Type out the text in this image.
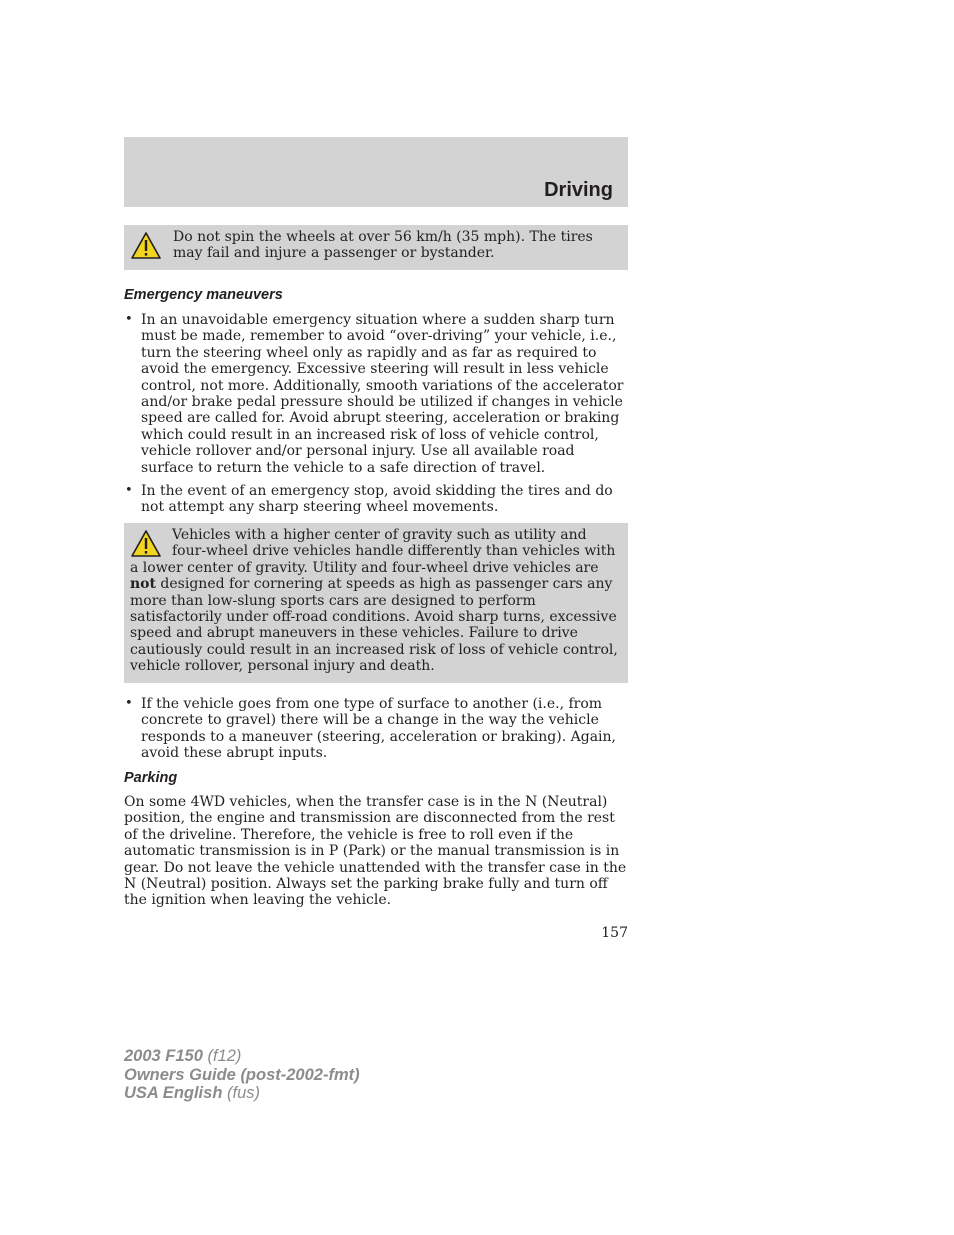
Driving

Do not spin the wheels at over 56 km/h (35 mph). The tires may fail and injure a passenger or bystander.

Emergency maneuvers
• In an unavoidable emergency situation where a sudden sharp turn must be made, remember to avoid “over-driving” your vehicle, i.e., turn the steering wheel only as rapidly and as far as required to avoid the emergency. Excessive steering will result in less vehicle control, not more. Additionally, smooth variations of the accelerator and/or brake pedal pressure should be utilized if changes in vehicle speed are called for. Avoid abrupt steering, acceleration or braking which could result in an increased risk of loss of vehicle control, vehicle rollover and/or personal injury. Use all available road surface to return the vehicle to a safe direction of travel.
• In the event of an emergency stop, avoid skidding the tires and do not attempt any sharp steering wheel movements.

Vehicles with a higher center of gravity such as utility and four-wheel drive vehicles handle differently than vehicles with a lower center of gravity. Utility and four-wheel drive vehicles are not designed for cornering at speeds as high as passenger cars any more than low-slung sports cars are designed to perform satisfactorily under off-road conditions. Avoid sharp turns, excessive speed and abrupt maneuvers in these vehicles. Failure to drive cautiously could result in an increased risk of loss of vehicle control, vehicle rollover, personal injury and death.

• If the vehicle goes from one type of surface to another (i.e., from concrete to gravel) there will be a change in the way the vehicle responds to a maneuver (steering, acceleration or braking). Again, avoid these abrupt inputs.
Parking

On some 4WD vehicles, when the transfer case is in the N (Neutral) position, the engine and transmission are disconnected from the rest of the driveline. Therefore, the vehicle is free to roll even if the automatic transmission is in P (Park) or the manual transmission is in gear. Do not leave the vehicle unattended with the transfer case in the N (Neutral) position. Always set the parking brake fully and turn off the ignition when leaving the vehicle.

157

2003 F150 (f12)
Owners Guide (post-2002-fmt)
USA English (fus)
